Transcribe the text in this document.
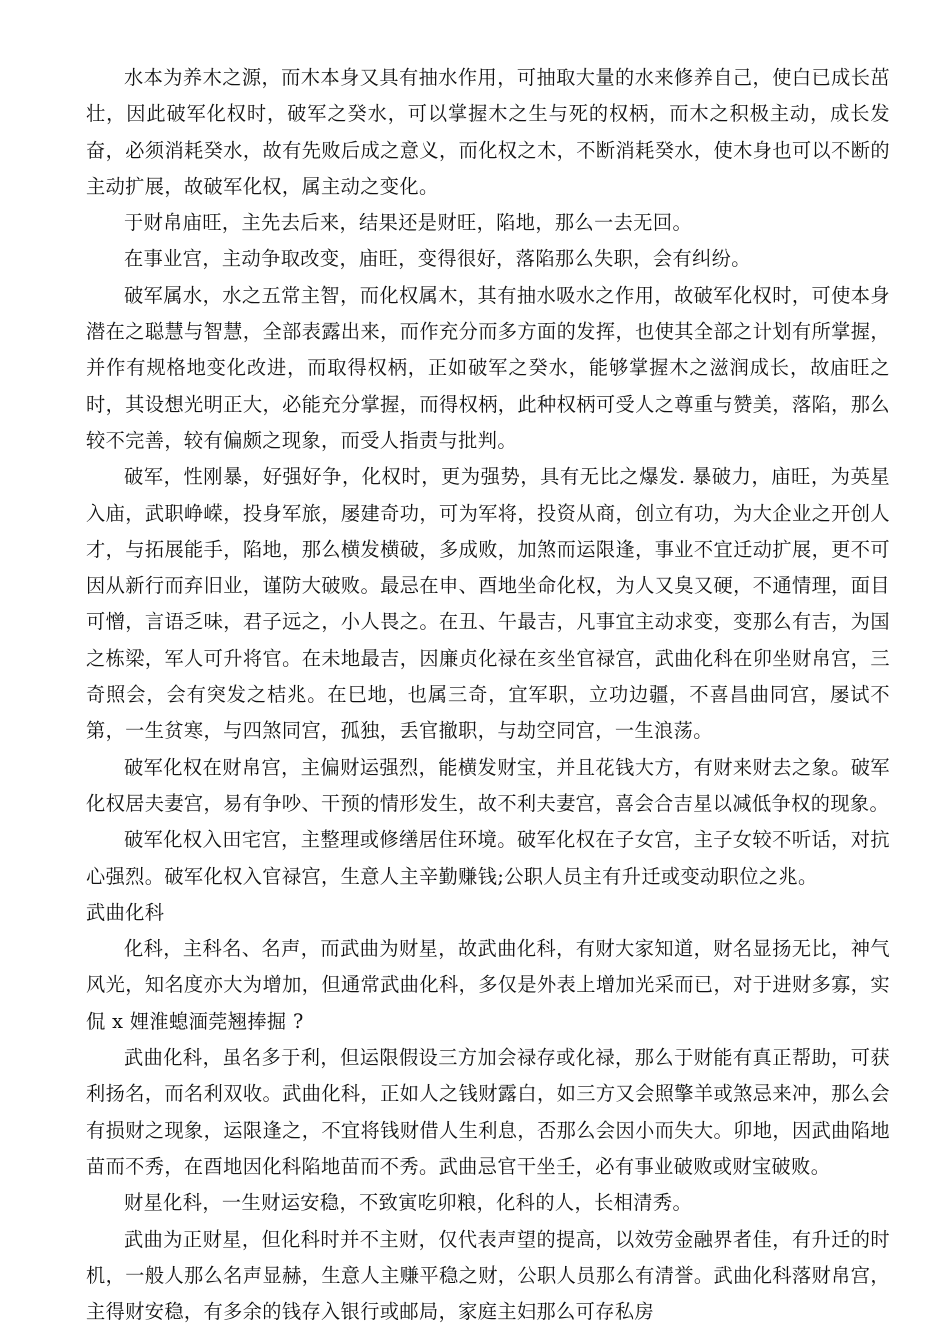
水本为养木之源，而木本身又具有抽水作用，可抽取大量的水来修养自己，使白已成长茁壮，因此破军化权时，破军之癸水，可以掌握木之生与死的权柄，而木之积极主动，成长发奋，必须消耗癸水，故有先败后成之意义，而化权之木，不断消耗癸水，使木身也可以不断的主动扩展，故破军化权，属主动之变化。

于财帛庙旺，主先去后来，结果还是财旺，陷地，那么一去无回。

在事业宫，主动争取改变，庙旺，变得很好，落陷那么失职，会有纠纷。

破军属水，水之五常主智，而化权属木，其有抽水吸水之作用，故破军化权时，可使本身潜在之聪慧与智慧，全部表露出来，而作充分而多方面的发挥，也使其全部之计划有所掌握，并作有规格地变化改进，而取得权柄，正如破军之癸水，能够掌握木之滋润成长，故庙旺之时，其设想光明正大，必能充分掌握，而得权柄，此种权柄可受人之尊重与赞美，落陷，那么较不完善，较有偏颇之现象，而受人指责与批判。

破军，性刚暴，好强好争，化权时，更为强势，具有无比之爆发. 暴破力，庙旺，为英星入庙，武职峥嵘，投身军旅，屡建奇功，可为军将，投资从商，创立有功，为大企业之开创人才，与拓展能手，陷地，那么横发横破，多成败，加煞而运限逢，事业不宜迁动扩展，更不可因从新行而弃旧业，谨防大破败。最忌在申、酉地坐命化权，为人又臭又硬，不通情理，面目可憎，言语乏味，君子远之，小人畏之。在丑、午最吉，凡事宜主动求变，变那么有吉，为国之栋梁，军人可升将官。在未地最吉，因廉贞化禄在亥坐官禄宫，武曲化科在卯坐财帛宫，三奇照会，会有突发之桔兆。在巳地，也属三奇，宜军职，立功边疆，不喜昌曲同宫，屡试不第，一生贫寒，与四煞同宫，孤独，丢官撤职，与劫空同宫，一生浪荡。

破军化权在财帛宫，主偏财运强烈，能横发财宝，并且花钱大方，有财来财去之象。破军化权居夫妻宫，易有争吵、干预的情形发生，故不利夫妻宫，喜会合吉星以减低争权的现象。

破军化权入田宅宫，主整理或修缮居住环境。破军化权在子女宫，主子女较不听话，对抗心强烈。破军化权入官禄宫，生意人主辛勤赚钱;公职人员主有升迁或变动职位之兆。

武曲化科

化科，主科名、名声，而武曲为财星，故武曲化科，有财大家知道，财名显扬无比，神气风光，知名度亦大为增加，但通常武曲化科，多仅是外表上增加光采而已，对于进财多寡，实侃 x 娌淮螅湎莞翘捧掘 ?

武曲化科，虽名多于利，但运限假设三方加会禄存或化禄，那么于财能有真正帮助，可获利扬名，而名利双收。武曲化科，正如人之钱财露白，如三方又会照擎羊或煞忌来冲，那么会有损财之现象，运限逢之，不宜将钱财借人生利息，否那么会因小而失大。卯地，因武曲陷地苗而不秀，在酉地因化科陷地苗而不秀。武曲忌官干坐壬，必有事业破败或财宝破败。

财星化科，一生财运安稳，不致寅吃卯粮，化科的人，长相清秀。

武曲为正财星，但化科时并不主财，仅代表声望的提高，以效劳金融界者佳，有升迁的时机，一般人那么名声显赫，生意人主赚平稳之财，公职人员那么有清誉。武曲化科落财帛宫，主得财安稳，有多余的钱存入银行或邮局，家庭主妇那么可存私房
